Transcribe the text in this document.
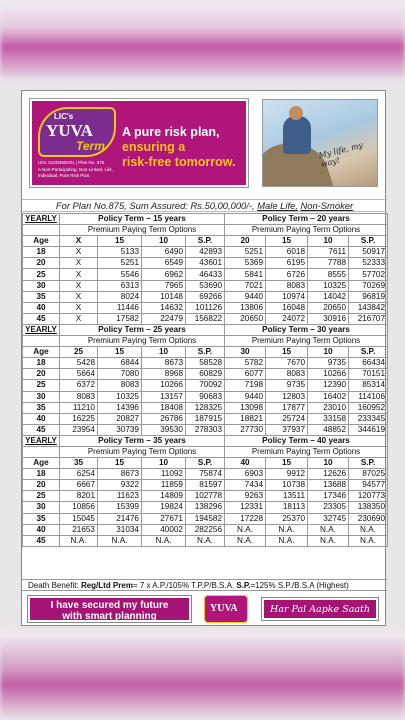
LIC's
YUVA
Term
UIN: 512N355V01 | Plan No. 875
A Non-Participating, Non-Linked, Life, Individual, Pure Risk Plan.
A pure risk plan,
ensuring a
risk-free tomorrow.
My life, my way!
For Plan No.875, Sum Assured: Rs.50,00,000/-, Male Life, Non-Smoker
YEARLY	Policy Term – 15 years				Policy Term – 20 years			
	Premium Paying Term Options				Premium Paying Term Options			
Age	X	15	10	S.P.	20	15	10	S.P.
18	X	5133	6490	42893	5251	6018	7611	50917
20	X	5251	6549	43601	5369	6195	7788	52333
25	X	5546	6962	46433	5841	6726	8555	57702
30	X	6313	7965	53690	7021	8083	10325	70269
35	X	8024	10148	69266	9440	10974	14042	96819
40	X	11446	14632	101126	13806	16048	20650	143842
45	X	17582	22479	156822	20650	24072	30916	216707
YEARLY	Policy Term – 25 years				Policy Term – 30 years			
	Premium Paying Term Options				Premium Paying Term Options			
Age	25	15	10	S.P.	30	15	10	S.P.
18	5428	6844	8673	58528	5782	7670	9735	66434
20	5664	7080	8968	60829	6077	8083	10266	70151
25	6372	8083	10266	70092	7198	9735	12390	85314
30	8083	10325	13157	90683	9440	12803	16402	114106
35	11210	14396	18408	128325	13098	17877	23010	160952
40	16225	20827	26786	187915	18821	25724	33158	233345
45	23954	30739	39530	278303	27730	37937	48852	344619
YEARLY	Policy Term – 35 years				Policy Term – 40 years			
	Premium Paying Term Options				Premium Paying Term Options			
Age	35	15	10	S.P.	40	15	10	S.P.
18	6254	8673	11092	75874	6903	9912	12626	87025
20	6667	9322	11859	81597	7434	10738	13688	94577
25	8201	11623	14809	102778	9263	13511	17346	120773
30	10856	15399	19824	138296	12331	18113	23305	138350
35	15045	21476	27671	194582	17228	25370	32745	230690
40	21653	31034	40002	282256	N.A.	N.A.	N.A.	N.A.
45	N.A.	N.A.	N.A.	N.A.	N.A.	N.A.	N.A.	N.A.
Death Benefit: Reg/Ltd Prem= 7 x A.P./105% T.P.P/B.S.A. S.P.=125% S.P./B.S.A (Highest)
I have secured my future
with smart planning
YUVA	Har Pal Aapke Saath
